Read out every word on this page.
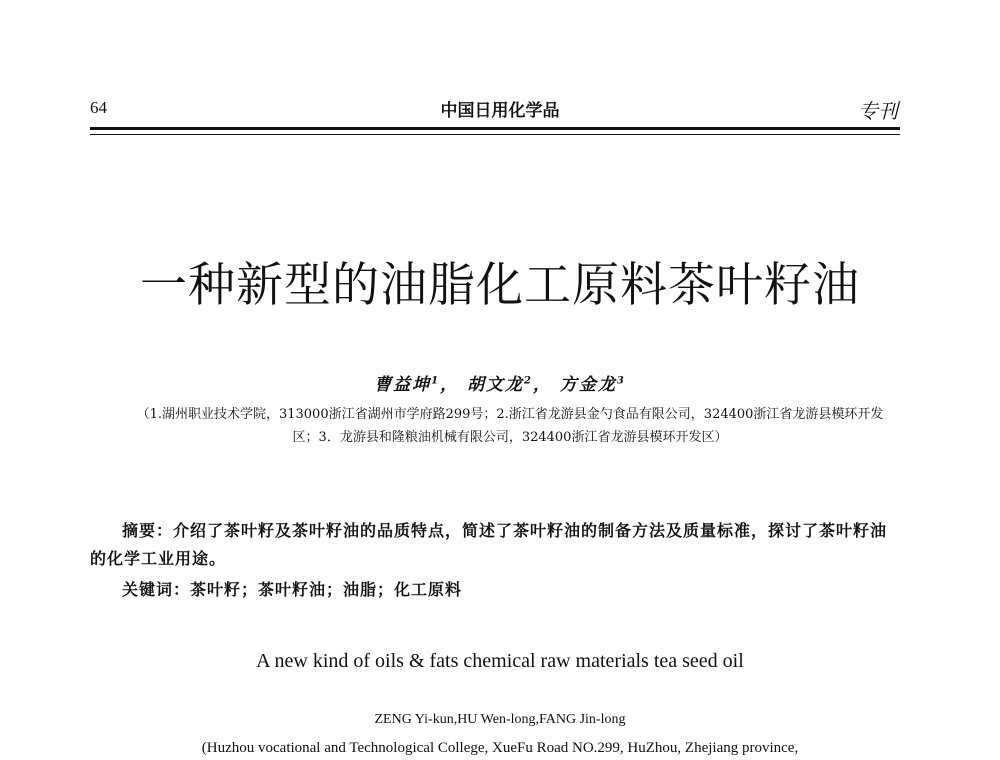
64	中国日用化学品	专刊
一种新型的油脂化工原料茶叶籽油
曹益坤$^1$， 胡文龙$^2$， 方金龙$^3$
（1.湖州职业技术学院，313000浙江省湖州市学府路299号；2.浙江省龙游县金勺食品有限公司，324400浙江省龙游县模环开发区；3．龙游县和隆粮油机械有限公司，324400浙江省龙游县模环开发区）
摘要：介绍了茶叶籽及茶叶籽油的品质特点，简述了茶叶籽油的制备方法及质量标准，探讨了茶叶籽油的化学工业用途。
关键词：茶叶籽；茶叶籽油；油脂；化工原料
A new kind of oils & fats chemical raw materials tea seed oil
ZENG Yi-kun,HU Wen-long,FANG Jin-long
(Huzhou vocational and Technological College, XueFu Road NO.299, HuZhou, Zhejiang province,
